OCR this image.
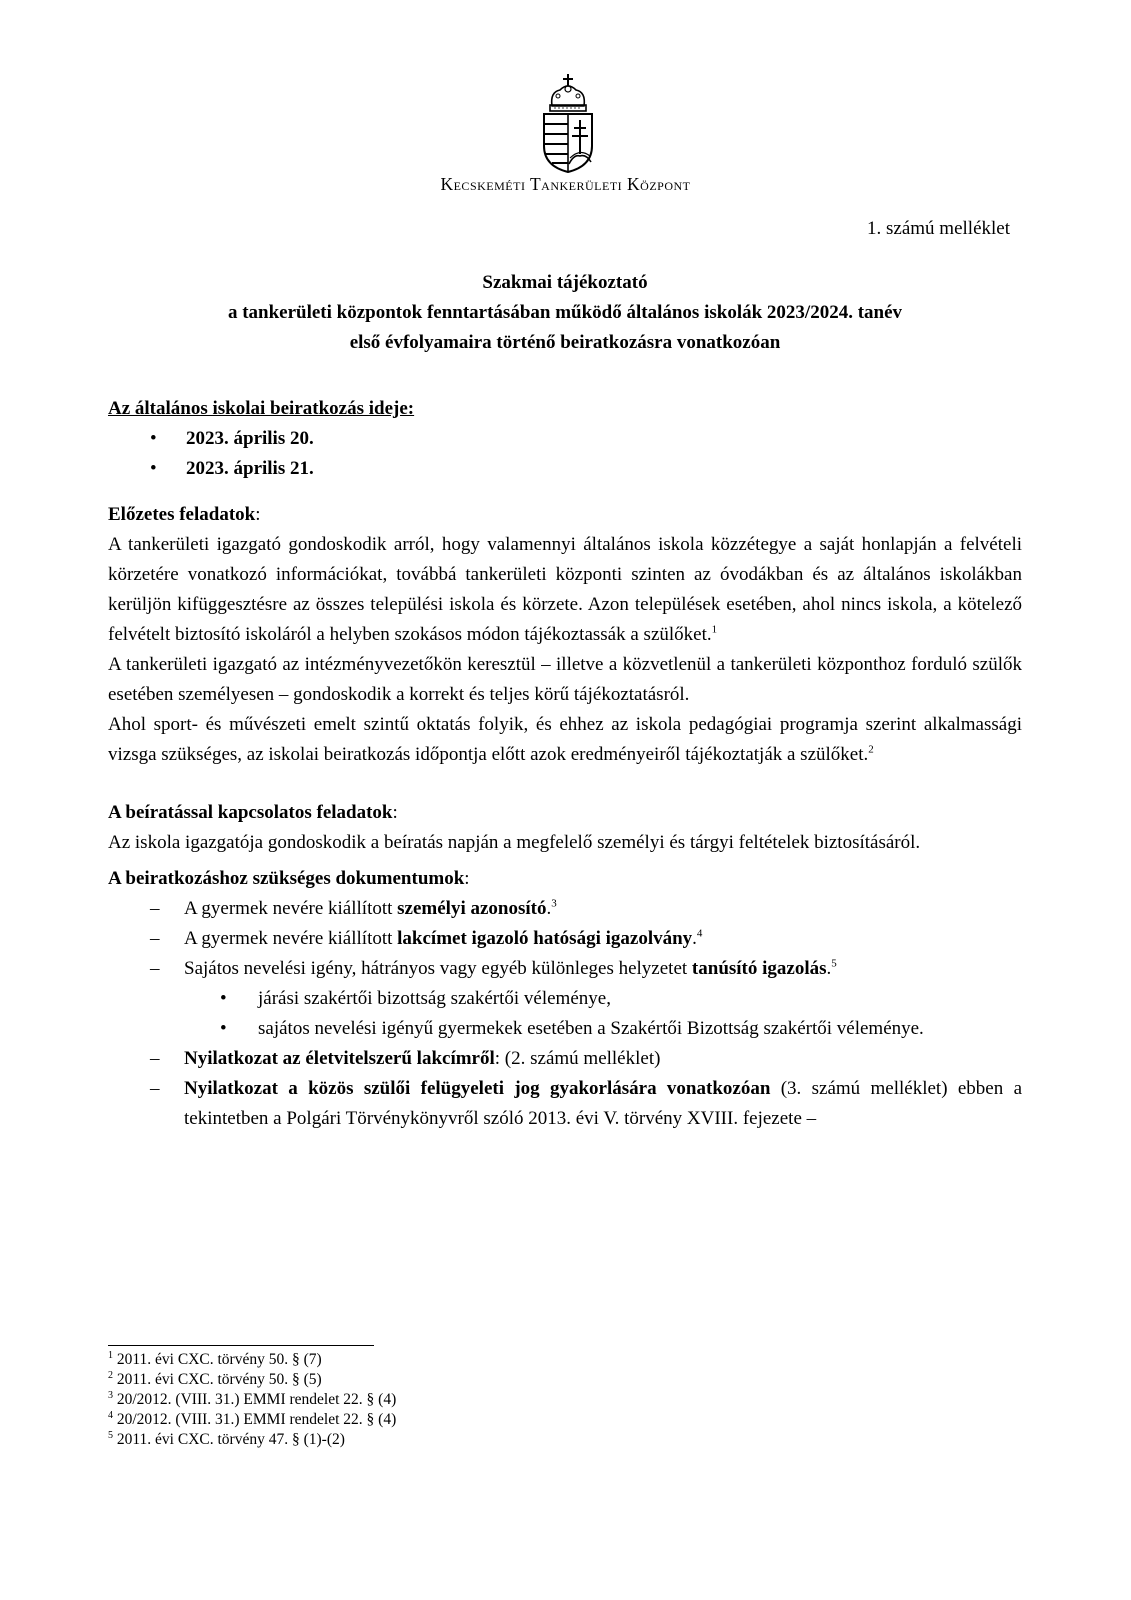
Kecskeméti Tankerületi Központ
1. számú melléklet
Szakmai tájékoztató
a tankerületi központok fenntartásában működő általános iskolák 2023/2024. tanév
első évfolyamaira történő beiratkozásra vonatkozóan
Az általános iskolai beiratkozás ideje:
• 2023. április 20.
• 2023. április 21.
Előzetes feladatok:

A tankerületi igazgató gondoskodik arról, hogy valamennyi általános iskola közzétegye a saját honlapján a felvételi körzetére vonatkozó információkat, továbbá tankerületi központi szinten az óvodákban és az általános iskolákban kerüljön kifüggesztésre az összes települési iskola és körzete. Azon települések esetében, ahol nincs iskola, a kötelező felvételt biztosító iskoláról a helyben szokásos módon tájékoztassák a szülőket.$^1$

A tankerületi igazgató az intézményvezetőkön keresztül – illetve a közvetlenül a tankerületi központhoz forduló szülők esetében személyesen – gondoskodik a korrekt és teljes körű tájékoztatásról.

Ahol sport- és művészeti emelt szintű oktatás folyik, és ehhez az iskola pedagógiai programja szerint alkalmassági vizsga szükséges, az iskolai beiratkozás időpontja előtt azok eredményeiről tájékoztatják a szülőket.$^2$

A beíratással kapcsolatos feladatok:

Az iskola igazgatója gondoskodik a beíratás napján a megfelelő személyi és tárgyi feltételek biztosításáról.

A beiratkozáshoz szükséges dokumentumok:
– A gyermek nevére kiállított személyi azonosító.$^3$
– A gyermek nevére kiállított lakcímet igazoló hatósági igazolvány.$^4$
– Sajátos nevelési igény, hátrányos vagy egyéb különleges helyzetet tanúsító igazolás.$^5$
• járási szakértői bizottság szakértői véleménye,
• sajátos nevelési igényű gyermekek esetében a Szakértői Bizottság szakértői véleménye.
– Nyilatkozat az életvitelszerű lakcímről: (2. számú melléklet)
– Nyilatkozat a közös szülői felügyeleti jog gyakorlására vonatkozóan (3. számú melléklet) ebben a tekintetben a Polgári Törvénykönyvről szóló 2013. évi V. törvény XVIII. fejezete –
$^1$ 2011. évi CXC. törvény 50. § (7)
$^2$ 2011. évi CXC. törvény 50. § (5)
$^3$ 20/2012. (VIII. 31.) EMMI rendelet 22. § (4)
$^4$ 20/2012. (VIII. 31.) EMMI rendelet 22. § (4)
$^5$ 2011. évi CXC. törvény 47. § (1)-(2)
